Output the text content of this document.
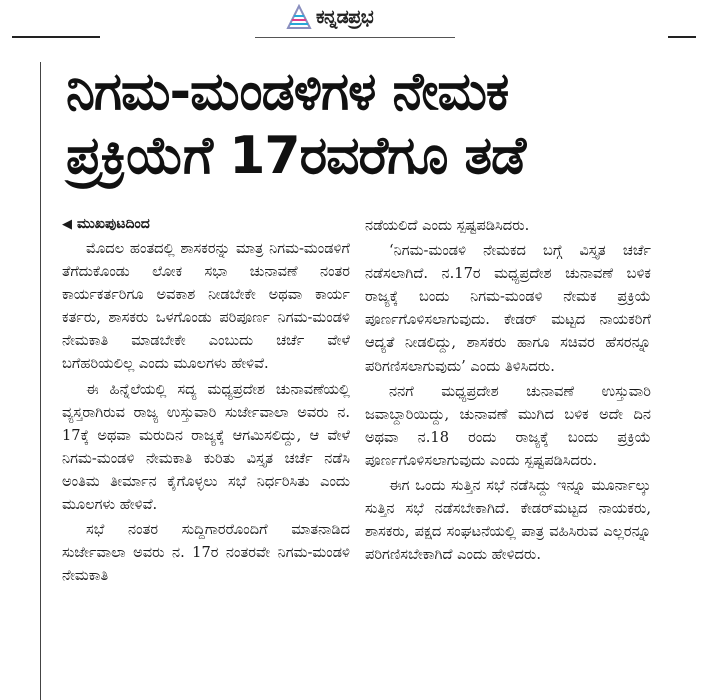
ಕನ್ನಡಪ್ರಭ
ನಿಗಮ-ಮಂಡಳಿಗಳ ನೇಮಕ
ಪ್ರಕ್ರಿಯೆಗೆ 17ರವರೆಗೂ ತಡೆ
◀ ಮುಖಪುಟದಿಂದ

ಮೊದಲ ಹಂತದಲ್ಲಿ ಶಾಸಕರನ್ನು ಮಾತ್ರ ನಿಗಮ-ಮಂಡಳಿಗೆ ತೆಗೆದುಕೊಂಡು ಲೋಕ ಸಭಾ ಚುನಾವಣೆ ನಂತರ ಕಾರ್ಯಕರ್ತರಿಗೂ ಅವಕಾಶ ನೀಡಬೇಕೇ ಅಥವಾ ಕಾರ್ಯ ಕರ್ತರು, ಶಾಸಕರು ಒಳಗೊಂಡು ಪರಿಪೂರ್ಣ ನಿಗಮ-ಮಂಡಳಿ ನೇಮಕಾತಿ ಮಾಡಬೇಕೇ ಎಂಬುದು ಚರ್ಚೆ ವೇಳೆ ಬಗೆಹರಿಯಲಿಲ್ಲ ಎಂದು ಮೂಲಗಳು ಹೇಳಿವೆ.

ಈ ಹಿನ್ನೆಲೆಯಲ್ಲಿ ಸದ್ಯ ಮಧ್ಯಪ್ರದೇಶ ಚುನಾವಣೆಯಲ್ಲಿ ವ್ಯಸ್ತರಾಗಿರುವ ರಾಜ್ಯ ಉಸ್ತುವಾರಿ ಸುರ್ಜೇವಾಲಾ ಅವರು ನ. 17ಕ್ಕೆ ಅಥವಾ ಮರುದಿನ ರಾಜ್ಯಕ್ಕೆ ಆಗಮಿಸಲಿದ್ದು, ಆ ವೇಳೆ ನಿಗಮ-ಮಂಡಳಿ ನೇಮಕಾತಿ ಕುರಿತು ವಿಸ್ತೃತ ಚರ್ಚೆ ನಡೆಸಿ ಅಂತಿಮ ತೀರ್ಮಾನ ಕೈಗೊಳ್ಳಲು ಸಭೆ ನಿರ್ಧರಿಸಿತು ಎಂದು ಮೂಲಗಳು ಹೇಳಿವೆ.

ಸಭೆ ನಂತರ ಸುದ್ದಿಗಾರರೊಂದಿಗೆ ಮಾತನಾಡಿದ ಸುರ್ಜೇವಾಲಾ ಅವರು ನ. 17ರ ನಂತರವೇ ನಿಗಮ-ಮಂಡಳಿ ನೇಮಕಾತಿ

ನಡೆಯಲಿದೆ ಎಂದು ಸ್ಪಷ್ಟಪಡಿಸಿದರು.

‘ನಿಗಮ-ಮಂಡಳಿ ನೇಮಕದ ಬಗ್ಗೆ ವಿಸ್ತೃತ ಚರ್ಚೆ ನಡೆಸಲಾಗಿದೆ. ನ.17ರ ಮಧ್ಯಪ್ರದೇಶ ಚುನಾವಣೆ ಬಳಿಕ ರಾಜ್ಯಕ್ಕೆ ಬಂದು ನಿಗಮ-ಮಂಡಳಿ ನೇಮಕ ಪ್ರಕ್ರಿಯೆ ಪೂರ್ಣಗೊಳಿಸಲಾಗುವುದು. ಕೇಡರ್ ಮಟ್ಟದ ನಾಯಕರಿಗೆ ಆದ್ಯತೆ ನೀಡಲಿದ್ದು, ಶಾಸಕರು ಹಾಗೂ ಸಚಿವರ ಹೆಸರನ್ನೂ ಪರಿಗಣಿಸಲಾಗುವುದು’ ಎಂದು ತಿಳಿಸಿದರು.

ನನಗೆ ಮಧ್ಯಪ್ರದೇಶ ಚುನಾವಣೆ ಉಸ್ತುವಾರಿ ಜವಾಬ್ದಾರಿಯಿದ್ದು, ಚುನಾವಣೆ ಮುಗಿದ ಬಳಿಕ ಅದೇ ದಿನ ಅಥವಾ ನ.18 ರಂದು ರಾಜ್ಯಕ್ಕೆ ಬಂದು ಪ್ರಕ್ರಿಯೆ ಪೂರ್ಣಗೊಳಿಸಲಾಗುವುದು ಎಂದು ಸ್ಪಷ್ಟಪಡಿಸಿದರು.

ಈಗ ಒಂದು ಸುತ್ತಿನ ಸಭೆ ನಡೆಸಿದ್ದು ಇನ್ನೂ ಮೂರ್ನಾಲ್ಕು ಸುತ್ತಿನ ಸಭೆ ನಡೆಸಬೇಕಾಗಿದೆ. ಕೇಡರ್‌ಮಟ್ಟದ ನಾಯಕರು, ಶಾಸಕರು, ಪಕ್ಷದ ಸಂಘಟನೆಯಲ್ಲಿ ಪಾತ್ರ ವಹಿಸಿರುವ ಎಲ್ಲರನ್ನೂ ಪರಿಗಣಿಸಬೇಕಾಗಿದೆ ಎಂದು ಹೇಳಿದರು.
